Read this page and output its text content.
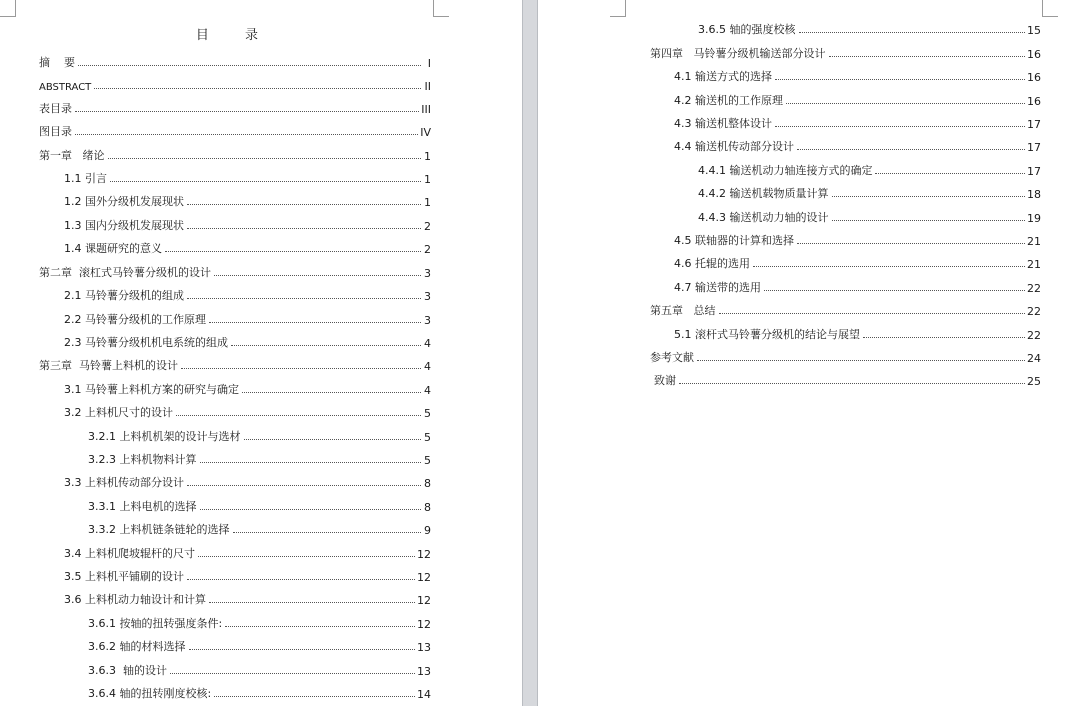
目 录
摘    要	I
ABSTRACT	II
表目录	III
图目录	IV
第一章   绪论	1
1.1 引言	1
1.2 国外分级机发展现状	1
1.3 国内分级机发展现状	2
1.4 课题研究的意义	2
第二章  滚杠式马铃薯分级机的设计	3
2.1 马铃薯分级机的组成	3
2.2 马铃薯分级机的工作原理	3
2.3 马铃薯分级机机电系统的组成	4
第三章  马铃薯上料机的设计	4
3.1 马铃薯上料机方案的研究与确定	4
3.2 上料机尺寸的设计	5
3.2.1 上料机机架的设计与选材	5
3.2.3 上料机物料计算	5
3.3 上料机传动部分设计	8
3.3.1 上料电机的选择	8
3.3.2 上料机链条链轮的选择	9
3.4 上料机爬坡辊杆的尺寸	12
3.5 上料机平铺刷的设计	12
3.6 上料机动力轴设计和计算	12
3.6.1 按轴的扭转强度条件:	12
3.6.2 轴的材料选择	13
3.6.3  轴的设计	13
3.6.4 轴的扭转刚度校核:	14
3.6.5 轴的强度校核	15
第四章   马铃薯分级机输送部分设计	16
4.1 输送方式的选择	16
4.2 输送机的工作原理	16
4.3 输送机整体设计	17
4.4 输送机传动部分设计	17
4.4.1 输送机动力轴连接方式的确定	17
4.4.2 输送机载物质量计算	18
4.4.3 输送机动力轴的设计	19
4.5 联轴器的计算和选择	21
4.6 托辊的选用	21
4.7 输送带的选用	22
第五章   总结	22
5.1 滚杆式马铃薯分级机的结论与展望	22
参考文献	24
致谢	25
